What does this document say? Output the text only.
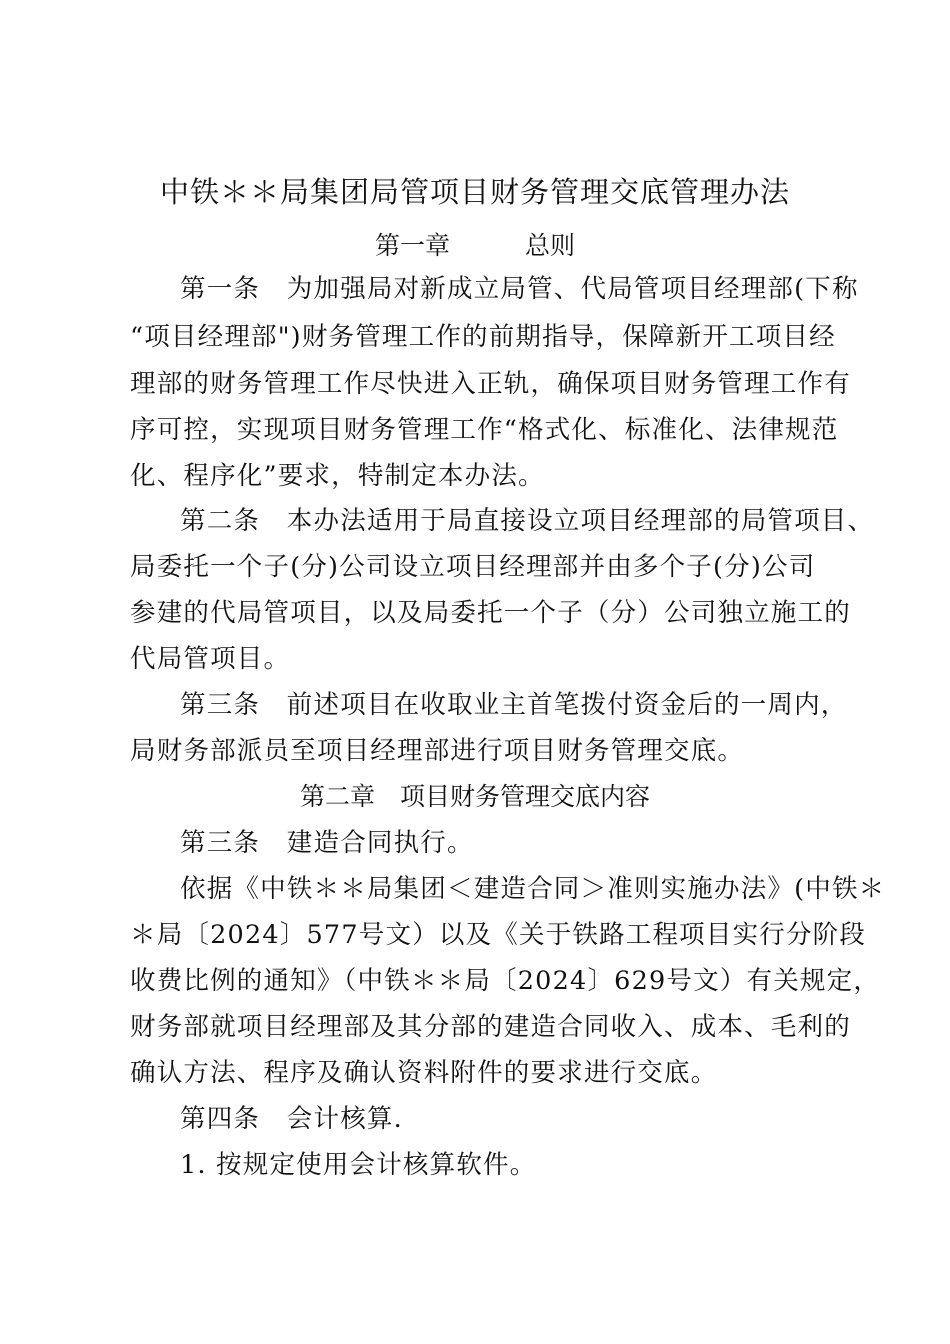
中铁＊＊局集团局管项目财务管理交底管理办法
第一章　　　总则
第一条　为加强局对新成立局管、代局管项目经理部(下称
“项目经理部")财务管理工作的前期指导，保障新开工项目经
理部的财务管理工作尽快进入正轨，确保项目财务管理工作有
序可控，实现项目财务管理工作“格式化、标准化、法律规范
化、程序化”要求，特制定本办法。
第二条　本办法适用于局直接设立项目经理部的局管项目、
局委托一个子(分)公司设立项目经理部并由多个子(分)公司
参建的代局管项目，以及局委托一个子（分）公司独立施工的
代局管项目。
第三条　前述项目在收取业主首笔拨付资金后的一周内，
局财务部派员至项目经理部进行项目财务管理交底。
第二章　项目财务管理交底内容
第三条　建造合同执行。
依据《中铁＊＊局集团＜建造合同＞准则实施办法》(中铁＊
＊局〔2024〕577号文）以及《关于铁路工程项目实行分阶段
收费比例的通知》（中铁＊＊局〔2024〕629号文）有关规定，
财务部就项目经理部及其分部的建造合同收入、成本、毛利的
确认方法、程序及确认资料附件的要求进行交底。
第四条　会计核算.
1. 按规定使用会计核算软件。
